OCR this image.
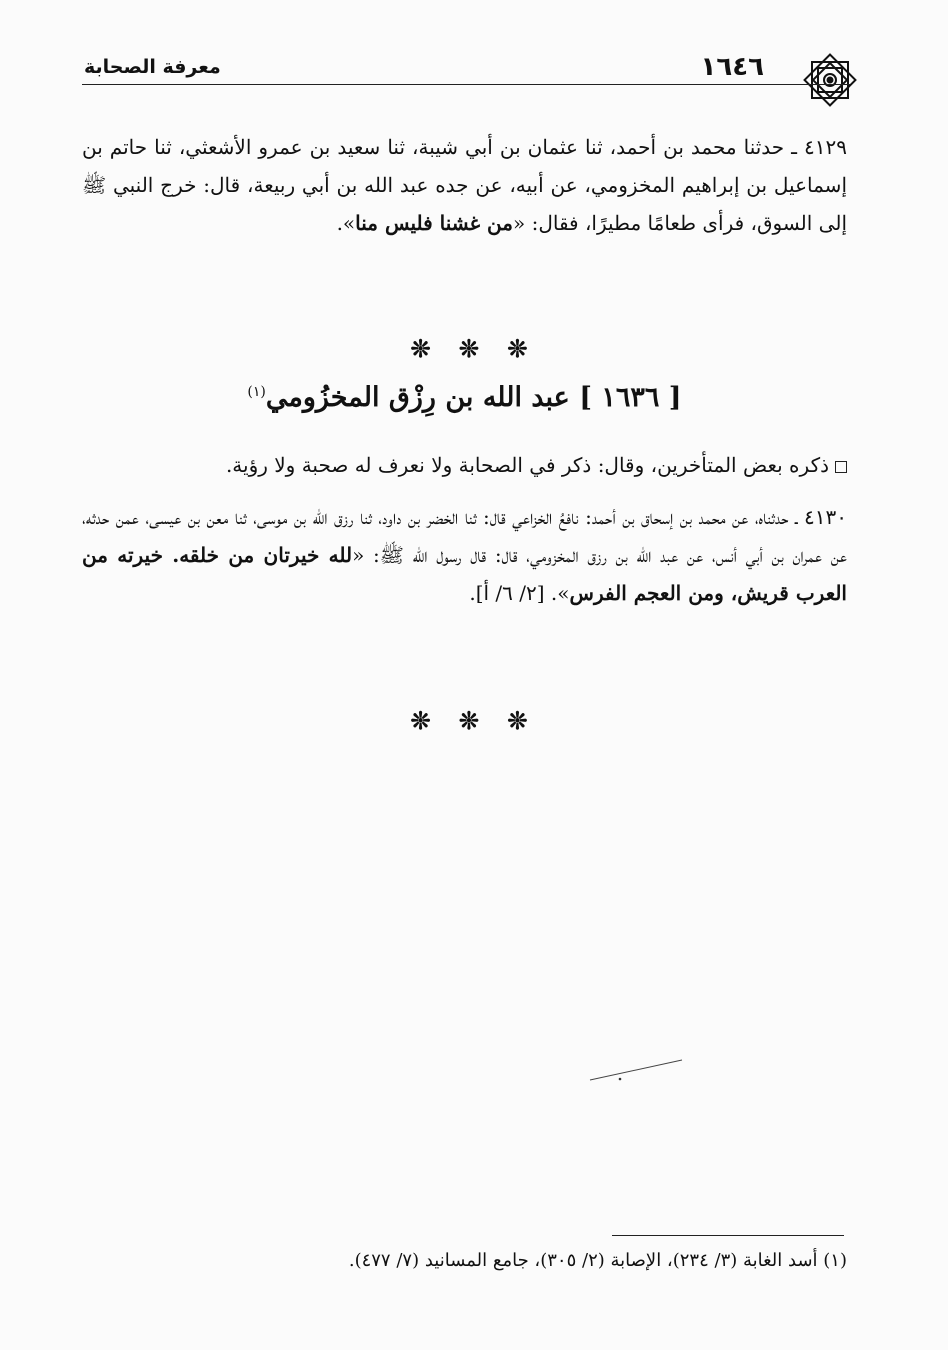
١٦٤٦
معرفة الصحابة
٤١٢٩ ـ حدثنا محمد بن أحمد، ثنا عثمان بن أبي شيبة، ثنا سعيد بن عمرو الأشعثي، ثنا حاتم بن إسماعيل بن إبراهيم المخزومي، عن أبيه، عن جده عبد الله بن أبي ربيعة، قال: خرج النبي ﷺ إلى السوق، فرأى طعامًا مطيرًا، فقال: «من غشنا فليس منا».
❊ ❊ ❊
[ ١٦٣٦ ] عبد الله بن رِزْق المخزُومي$^{(١)}$
ذكره بعض المتأخرين، وقال: ذكر في الصحابة ولا نعرف له صحبة ولا رؤية.
٤١٣٠ ـ حدثناه، عن محمد بن إسحاق بن أحمد: نافعُ الخزاعي قال: ثنا الخضر بن داود، ثنا رزق الله بن موسى، ثنا معن بن عيسى، عمن حدثه، عن عمران بن أبي أنس، عن عبد الله بن رزق المخزومي، قال: قال رسول الله ﷺ: «لله خيرتان من خلقه. خيرته من العرب قريش، ومن العجم الفرس». [٢/ ٦/ أ].
❊ ❊ ❊
(١) أسد الغابة (٣/ ٢٣٤)، الإصابة (٢/ ٣٠٥)، جامع المسانيد (٧/ ٤٧٧).
